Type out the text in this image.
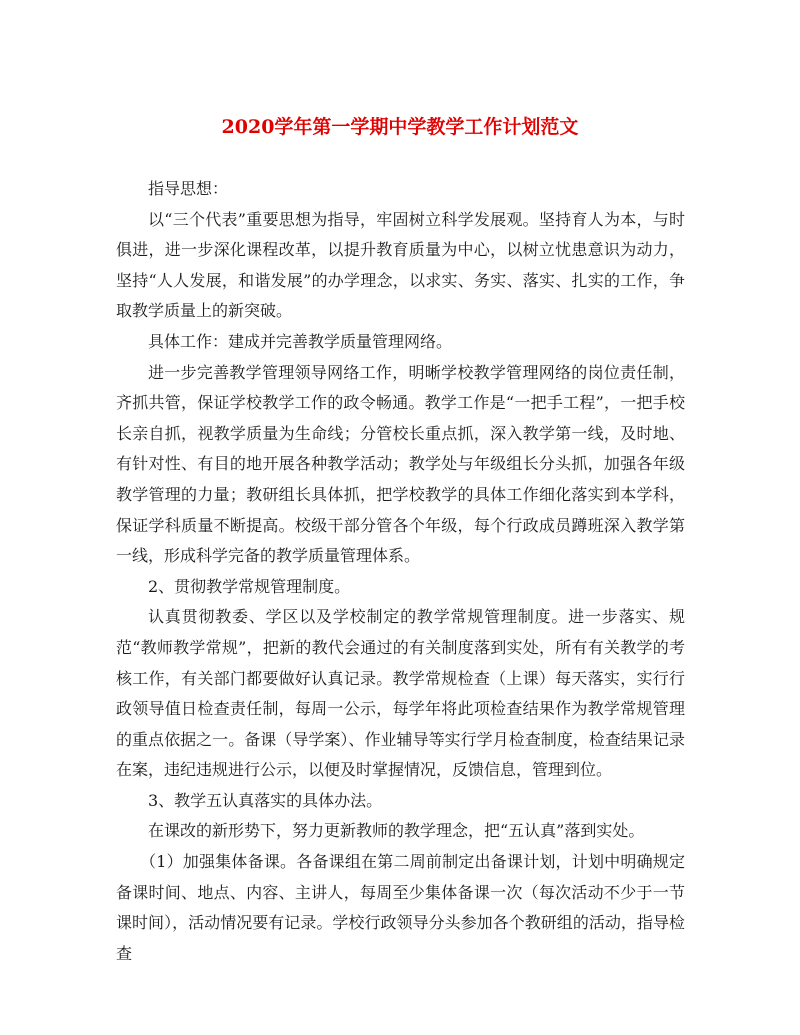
2020学年第一学期中学教学工作计划范文

指导思想：

以“三个代表”重要思想为指导，牢固树立科学发展观。坚持育人为本，与时俱进，进一步深化课程改革，以提升教育质量为中心，以树立忧患意识为动力，坚持“人人发展，和谐发展”的办学理念，以求实、务实、落实、扎实的工作，争取教学质量上的新突破。

具体工作：建成并完善教学质量管理网络。

进一步完善教学管理领导网络工作，明晰学校教学管理网络的岗位责任制，齐抓共管，保证学校教学工作的政令畅通。教学工作是“一把手工程”，一把手校长亲自抓，视教学质量为生命线；分管校长重点抓，深入教学第一线，及时地、有针对性、有目的地开展各种教学活动；教学处与年级组长分头抓，加强各年级教学管理的力量；教研组长具体抓，把学校教学的具体工作细化落实到本学科，保证学科质量不断提高。校级干部分管各个年级，每个行政成员蹲班深入教学第一线，形成科学完备的教学质量管理体系。

2、贯彻教学常规管理制度。

认真贯彻教委、学区以及学校制定的教学常规管理制度。进一步落实、规范“教师教学常规”，把新的教代会通过的有关制度落到实处，所有有关教学的考核工作，有关部门都要做好认真记录。教学常规检查（上课）每天落实，实行行政领导值日检查责任制，每周一公示，每学年将此项检查结果作为教学常规管理的重点依据之一。备课（导学案）、作业辅导等实行学月检查制度，检查结果记录在案，违纪违规进行公示，以便及时掌握情况，反馈信息，管理到位。

3、教学五认真落实的具体办法。

在课改的新形势下，努力更新教师的教学理念，把“五认真”落到实处。

（1）加强集体备课。各备课组在第二周前制定出备课计划，计划中明确规定备课时间、地点、内容、主讲人，每周至少集体备课一次（每次活动不少于一节课时间），活动情况要有记录。学校行政领导分头参加各个教研组的活动，指导检查
